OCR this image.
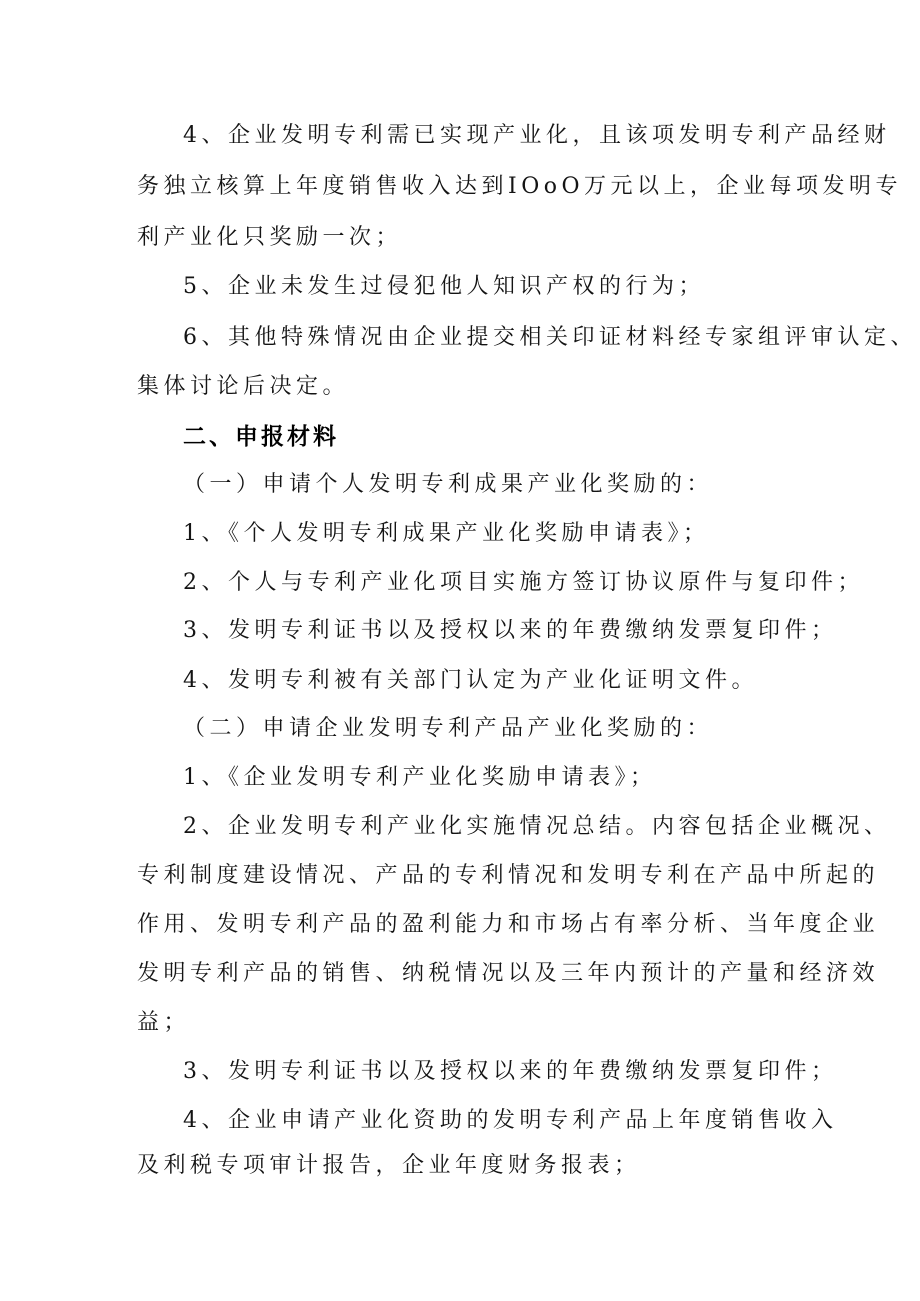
4、企业发明专利需已实现产业化，且该项发明专利产品经财
务独立核算上年度销售收入达到IOoO万元以上，企业每项发明专
利产业化只奖励一次；
5、企业未发生过侵犯他人知识产权的行为；
6、其他特殊情况由企业提交相关印证材料经专家组评审认定、
集体讨论后决定。
二、申报材料
（一）申请个人发明专利成果产业化奖励的：
1、《个人发明专利成果产业化奖励申请表》；
2、个人与专利产业化项目实施方签订协议原件与复印件；
3、发明专利证书以及授权以来的年费缴纳发票复印件；
4、发明专利被有关部门认定为产业化证明文件。
（二）申请企业发明专利产品产业化奖励的：
1、《企业发明专利产业化奖励申请表》；
2、企业发明专利产业化实施情况总结。内容包括企业概况、
专利制度建设情况、产品的专利情况和发明专利在产品中所起的
作用、发明专利产品的盈利能力和市场占有率分析、当年度企业
发明专利产品的销售、纳税情况以及三年内预计的产量和经济效
益；
3、发明专利证书以及授权以来的年费缴纳发票复印件；
4、企业申请产业化资助的发明专利产品上年度销售收入
及利税专项审计报告，企业年度财务报表；
